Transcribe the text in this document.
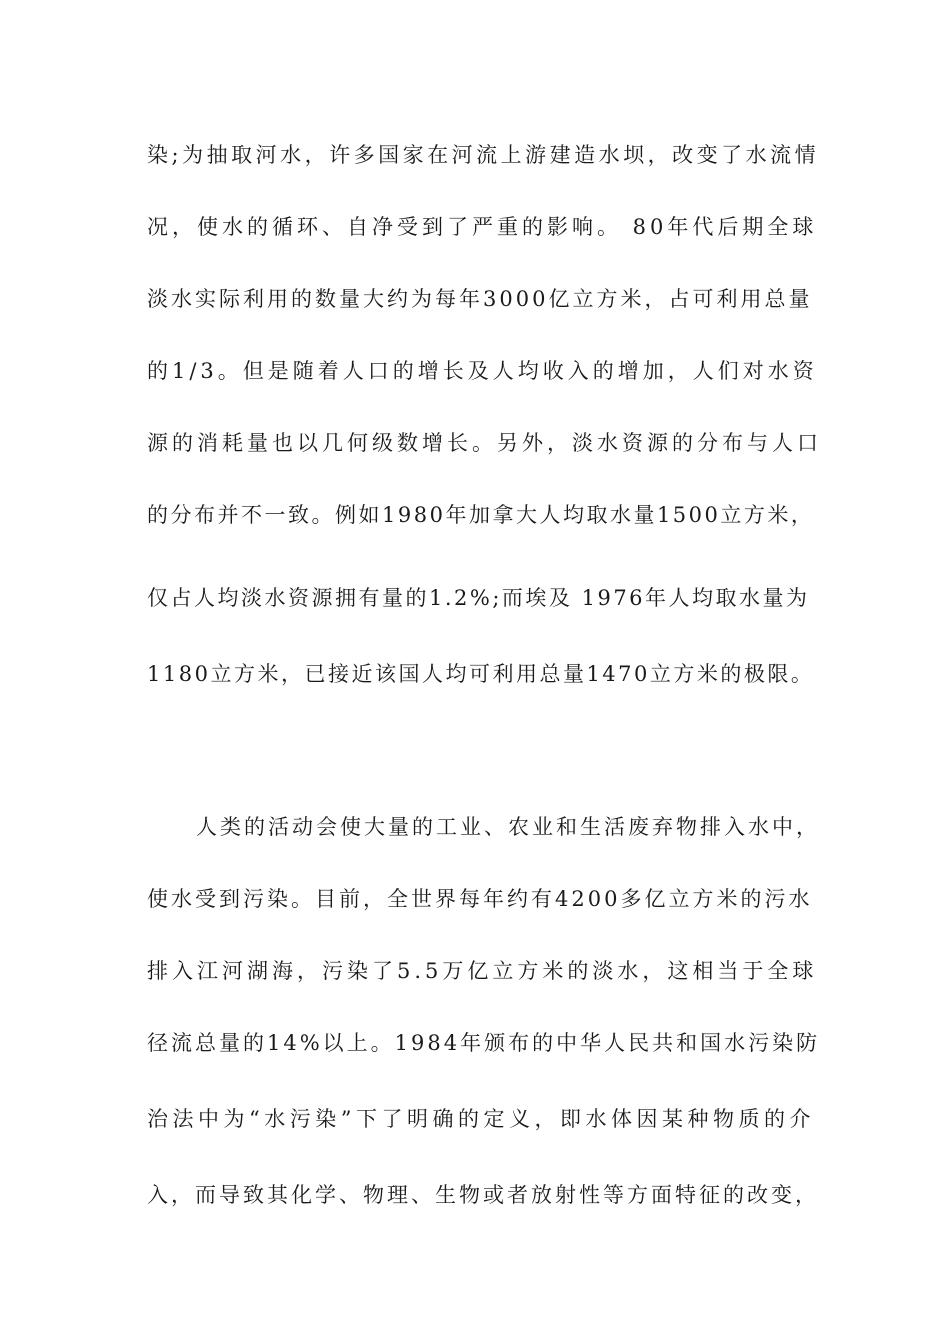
染;为抽取河水，许多国家在河流上游建造水坝，改变了水流情
况，使水的循环、自净受到了严重的影响。 80年代后期全球
淡水实际利用的数量大约为每年3000亿立方米，占可利用总量
的1/3。但是随着人口的增长及人均收入的增加，人们对水资
源的消耗量也以几何级数增长。另外，淡水资源的分布与人口
的分布并不一致。例如1980年加拿大人均取水量1500立方米，
仅占人均淡水资源拥有量的1.2%;而埃及 1976年人均取水量为
1180立方米，已接近该国人均可利用总量1470立方米的极限。
人类的活动会使大量的工业、农业和生活废弃物排入水中，
使水受到污染。目前，全世界每年约有4200多亿立方米的污水
排入江河湖海，污染了5.5万亿立方米的淡水，这相当于全球
径流总量的14%以上。1984年颁布的中华人民共和国水污染防
治法中为“水污染”下了明确的定义，即水体因某种物质的介
入，而导致其化学、物理、生物或者放射性等方面特征的改变，
